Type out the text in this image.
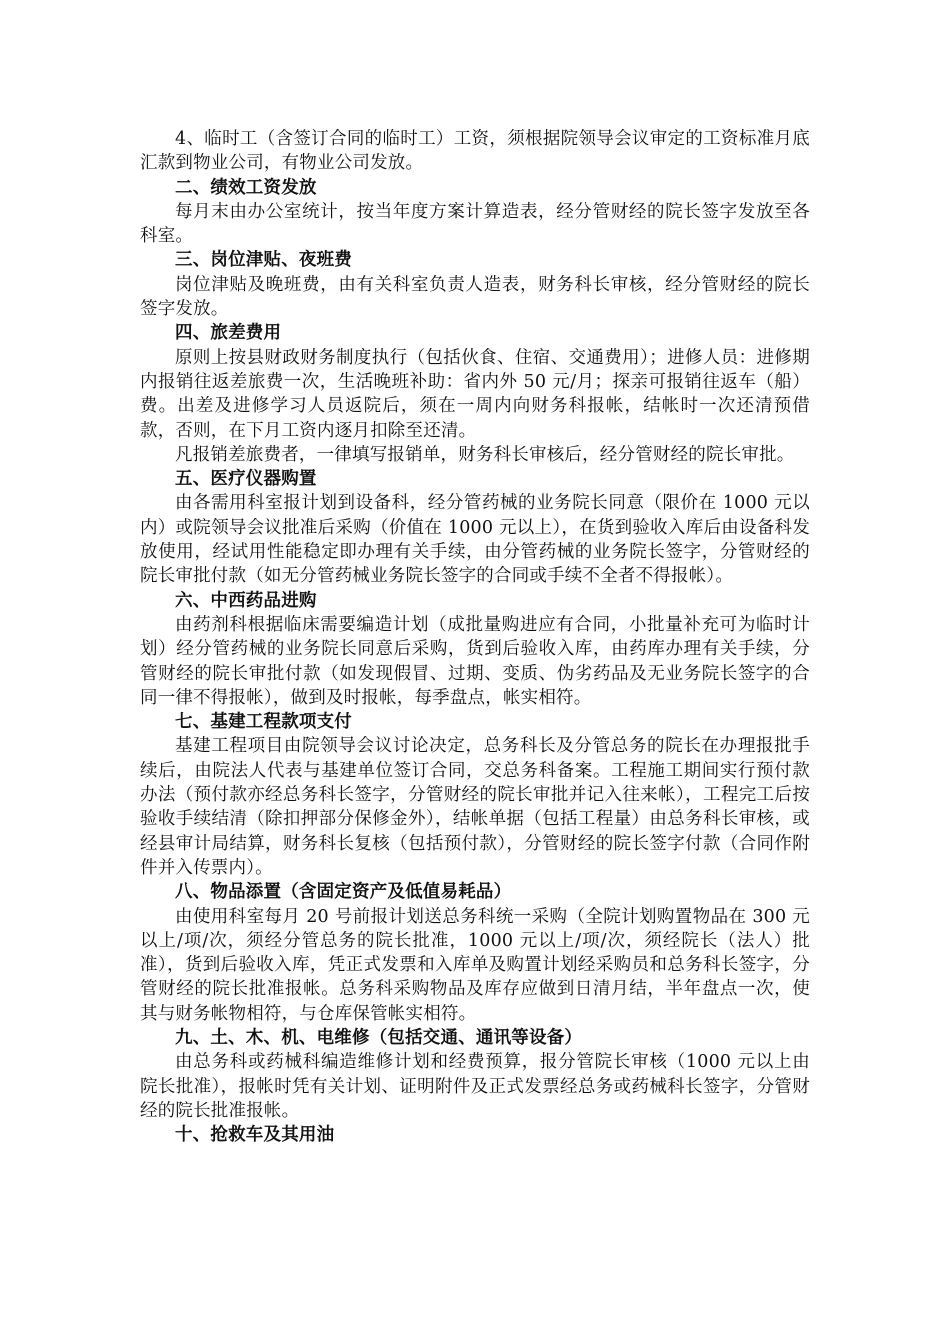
4、临时工（含签订合同的临时工）工资，须根据院领导会议审定的工资标准月底汇款到物业公司，有物业公司发放。

二、绩效工资发放

每月末由办公室统计，按当年度方案计算造表，经分管财经的院长签字发放至各科室。

三、岗位津贴、夜班费

岗位津贴及晚班费，由有关科室负责人造表，财务科长审核，经分管财经的院长签字发放。

四、旅差费用

原则上按县财政财务制度执行（包括伙食、住宿、交通费用）；进修人员：进修期内报销往返差旅费一次，生活晚班补助：省内外 50 元/月；探亲可报销往返车（船）费。出差及进修学习人员返院后，须在一周内向财务科报帐，结帐时一次还清预借款，否则，在下月工资内逐月扣除至还清。

凡报销差旅费者，一律填写报销单，财务科长审核后，经分管财经的院长审批。

五、医疗仪器购置

由各需用科室报计划到设备科，经分管药械的业务院长同意（限价在 1000 元以内）或院领导会议批准后采购（价值在 1000 元以上），在货到验收入库后由设备科发放使用，经试用性能稳定即办理有关手续，由分管药械的业务院长签字，分管财经的院长审批付款（如无分管药械业务院长签字的合同或手续不全者不得报帐）。

六、中西药品进购

由药剂科根据临床需要编造计划（成批量购进应有合同，小批量补充可为临时计划）经分管药械的业务院长同意后采购，货到后验收入库，由药库办理有关手续，分管财经的院长审批付款（如发现假冒、过期、变质、伪劣药品及无业务院长签字的合同一律不得报帐），做到及时报帐，每季盘点，帐实相符。

七、基建工程款项支付

基建工程项目由院领导会议讨论决定，总务科长及分管总务的院长在办理报批手续后，由院法人代表与基建单位签订合同，交总务科备案。工程施工期间实行预付款办法（预付款亦经总务科长签字，分管财经的院长审批并记入往来帐），工程完工后按验收手续结清（除扣押部分保修金外），结帐单据（包括工程量）由总务科长审核，或经县审计局结算，财务科长复核（包括预付款），分管财经的院长签字付款（合同作附件并入传票内）。

八、物品添置（含固定资产及低值易耗品）

由使用科室每月 20 号前报计划送总务科统一采购（全院计划购置物品在 300 元以上/项/次，须经分管总务的院长批准，1000 元以上/项/次，须经院长（法人）批准），货到后验收入库，凭正式发票和入库单及购置计划经采购员和总务科长签字，分管财经的院长批准报帐。总务科采购物品及库存应做到日清月结，半年盘点一次，使其与财务帐物相符，与仓库保管帐实相符。

九、土、木、机、电维修（包括交通、通讯等设备）

由总务科或药械科编造维修计划和经费预算，报分管院长审核（1000 元以上由院长批准），报帐时凭有关计划、证明附件及正式发票经总务或药械科长签字，分管财经的院长批准报帐。

十、抢救车及其用油
